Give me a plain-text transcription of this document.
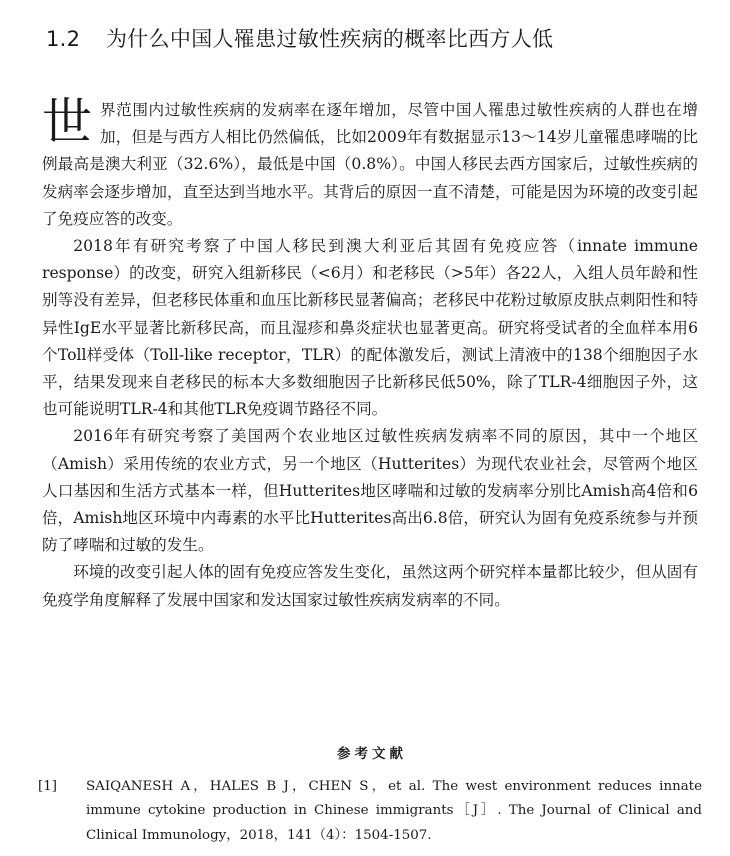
1.2 为什么中国人罹患过敏性疾病的概率比西方人低

世界范围内过敏性疾病的发病率在逐年增加，尽管中国人罹患过敏性疾病的人群也在增加，但是与西方人相比仍然偏低，比如2009年有数据显示13～14岁儿童罹患哮喘的比例最高是澳大利亚（32.6%），最低是中国（0.8%）。中国人移民去西方国家后，过敏性疾病的发病率会逐步增加，直至达到当地水平。其背后的原因一直不清楚，可能是因为环境的改变引起了免疫应答的改变。

2018年有研究考察了中国人移民到澳大利亚后其固有免疫应答（innate immune response）的改变，研究入组新移民（<6月）和老移民（>5年）各22人，入组人员年龄和性别等没有差异，但老移民体重和血压比新移民显著偏高；老移民中花粉过敏原皮肤点刺阳性和特异性IgE水平显著比新移民高，而且湿疹和鼻炎症状也显著更高。研究将受试者的全血样本用6个Toll样受体（Toll-like receptor，TLR）的配体激发后，测试上清液中的138个细胞因子水平，结果发现来自老移民的标本大多数细胞因子比新移民低50%，除了TLR-4细胞因子外，这也可能说明TLR-4和其他TLR免疫调节路径不同。

2016年有研究考察了美国两个农业地区过敏性疾病发病率不同的原因，其中一个地区（Amish）采用传统的农业方式，另一个地区（Hutterites）为现代农业社会，尽管两个地区人口基因和生活方式基本一样，但Hutterites地区哮喘和过敏的发病率分别比Amish高4倍和6倍，Amish地区环境中内毒素的水平比Hutterites高出6.8倍，研究认为固有免疫系统参与并预防了哮喘和过敏的发生。

环境的改变引起人体的固有免疫应答发生变化，虽然这两个研究样本量都比较少，但从固有免疫学角度解释了发展中国家和发达国家过敏性疾病发病率的不同。

参考文献
[1]	SAIQANESH A，HALES B J，CHEN S，et al. The west environment reduces innate immune cytokine production in Chinese immigrants［J］. The Journal of Clinical and Clinical Immunology，2018，141（4）：1504-1507.
